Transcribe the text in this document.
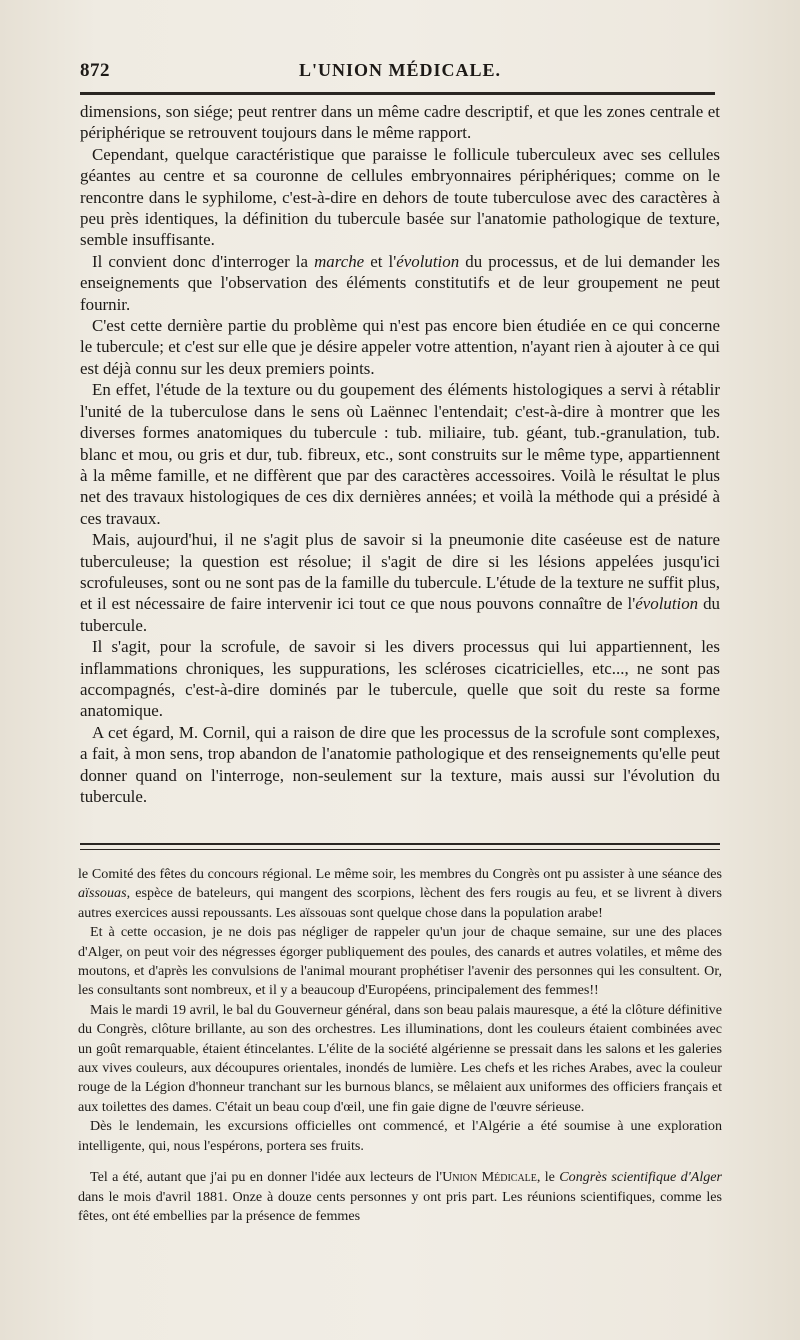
872	L'UNION MÉDICALE.

dimensions, son siége; peut rentrer dans un même cadre descriptif, et que les zones centrale et périphérique se retrouvent toujours dans le même rapport.

Cependant, quelque caractéristique que paraisse le follicule tuberculeux avec ses cellules géantes au centre et sa couronne de cellules embryonnaires périphériques; comme on le rencontre dans le syphilome, c'est-à-dire en dehors de toute tuberculose avec des caractères à peu près identiques, la définition du tubercule basée sur l'anatomie pathologique de texture, semble insuffisante.

Il convient donc d'interroger la marche et l'évolution du processus, et de lui demander les enseignements que l'observation des éléments constitutifs et de leur groupement ne peut fournir.

C'est cette dernière partie du problème qui n'est pas encore bien étudiée en ce qui concerne le tubercule; et c'est sur elle que je désire appeler votre attention, n'ayant rien à ajouter à ce qui est déjà connu sur les deux premiers points.

En effet, l'étude de la texture ou du goupement des éléments histologiques a servi à rétablir l'unité de la tuberculose dans le sens où Laënnec l'entendait; c'est-à-dire à montrer que les diverses formes anatomiques du tubercule : tub. miliaire, tub. géant, tub.-granulation, tub. blanc et mou, ou gris et dur, tub. fibreux, etc., sont construits sur le même type, appartiennent à la même famille, et ne diffèrent que par des caractères accessoires. Voilà le résultat le plus net des travaux histologiques de ces dix dernières années; et voilà la méthode qui a présidé à ces travaux.

Mais, aujourd'hui, il ne s'agit plus de savoir si la pneumonie dite caséeuse est de nature tuberculeuse; la question est résolue; il s'agit de dire si les lésions appelées jusqu'ici scrofuleuses, sont ou ne sont pas de la famille du tubercule. L'étude de la texture ne suffit plus, et il est nécessaire de faire intervenir ici tout ce que nous pouvons connaître de l'évolution du tubercule.

Il s'agit, pour la scrofule, de savoir si les divers processus qui lui appartiennent, les inflammations chroniques, les suppurations, les scléroses cicatricielles, etc..., ne sont pas accompagnés, c'est-à-dire dominés par le tubercule, quelle que soit du reste sa forme anatomique.

A cet égard, M. Cornil, qui a raison de dire que les processus de la scrofule sont complexes, a fait, à mon sens, trop abandon de l'anatomie pathologique et des renseignements qu'elle peut donner quand on l'interroge, non-seulement sur la texture, mais aussi sur l'évolution du tubercule.

le Comité des fêtes du concours régional. Le même soir, les membres du Congrès ont pu assister à une séance des aïssouas, espèce de bateleurs, qui mangent des scorpions, lèchent des fers rougis au feu, et se livrent à divers autres exercices aussi repoussants. Les aïssouas sont quelque chose dans la population arabe!

Et à cette occasion, je ne dois pas négliger de rappeler qu'un jour de chaque semaine, sur une des places d'Alger, on peut voir des négresses égorger publiquement des poules, des canards et autres volatiles, et même des moutons, et d'après les convulsions de l'animal mourant prophétiser l'avenir des personnes qui les consultent. Or, les consultants sont nombreux, et il y a beaucoup d'Européens, principalement des femmes!!

Mais le mardi 19 avril, le bal du Gouverneur général, dans son beau palais mauresque, a été la clôture définitive du Congrès, clôture brillante, au son des orchestres. Les illuminations, dont les couleurs étaient combinées avec un goût remarquable, étaient étincelantes. L'élite de la société algérienne se pressait dans les salons et les galeries aux vives couleurs, aux découpures orientales, inondés de lumière. Les chefs et les riches Arabes, avec la couleur rouge de la Légion d'honneur tranchant sur les burnous blancs, se mêlaient aux uniformes des officiers français et aux toilettes des dames. C'était un beau coup d'œil, une fin gaie digne de l'œuvre sérieuse.

Dès le lendemain, les excursions officielles ont commencé, et l'Algérie a été soumise à une exploration intelligente, qui, nous l'espérons, portera ses fruits.

Tel a été, autant que j'ai pu en donner l'idée aux lecteurs de l'Union Médicale, le Congrès scientifique d'Alger dans le mois d'avril 1881. Onze à douze cents personnes y ont pris part. Les réunions scientifiques, comme les fêtes, ont été embellies par la présence de femmes
